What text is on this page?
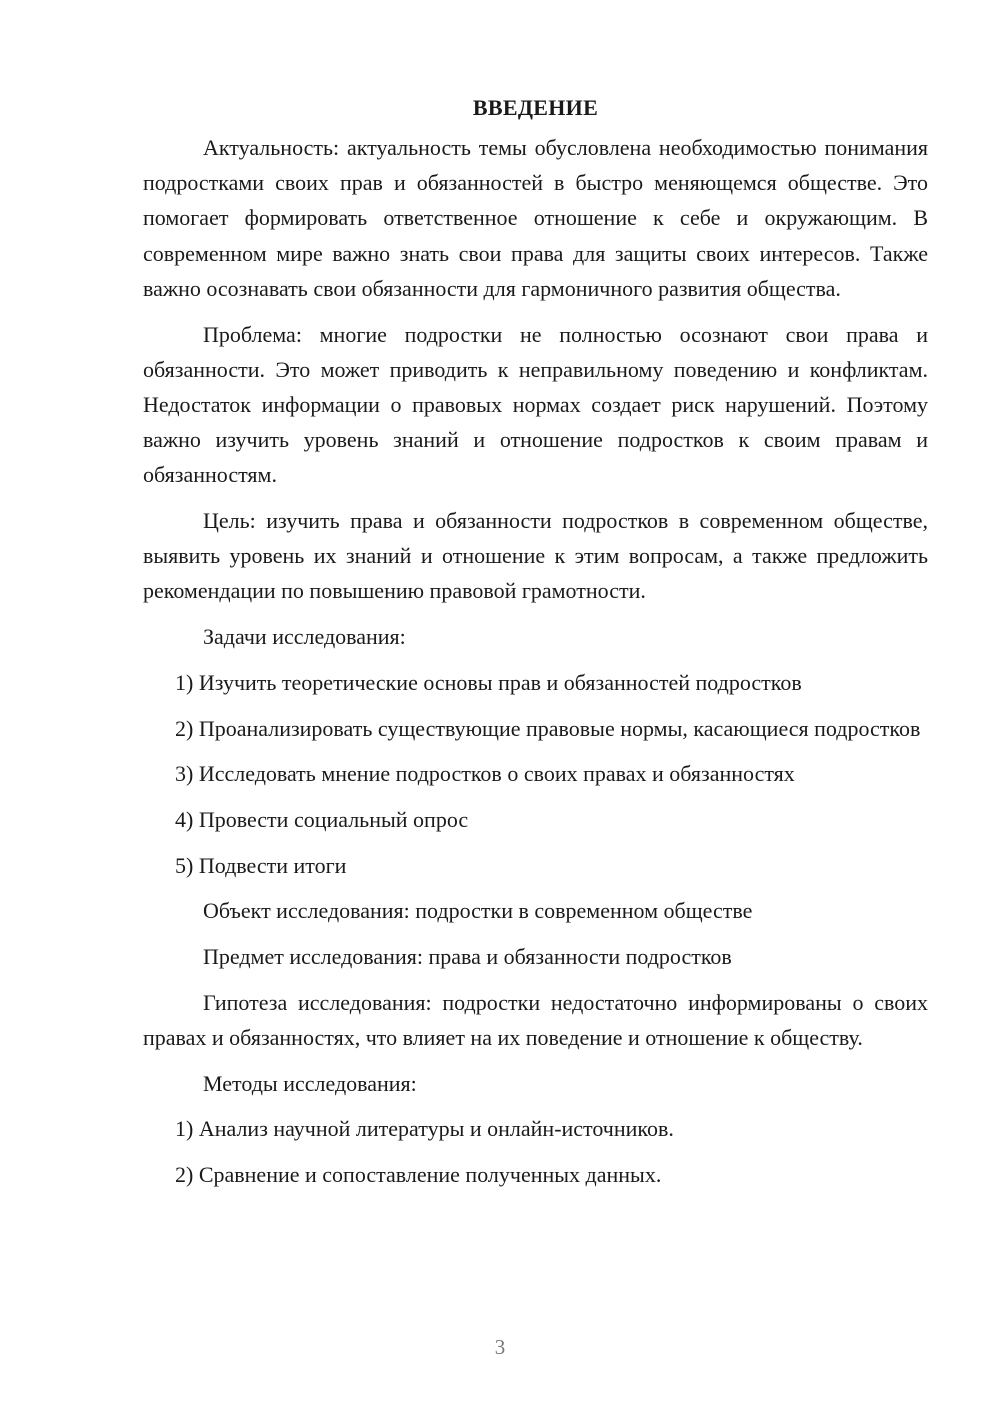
ВВЕДЕНИЕ

Актуальность: актуальность темы обусловлена необходимостью понимания подростками своих прав и обязанностей в быстро меняющемся обществе. Это помогает формировать ответственное отношение к себе и окружающим. В современном мире важно знать свои права для защиты своих интересов. Также важно осознавать свои обязанности для гармоничного развития общества.

Проблема: многие подростки не полностью осознают свои права и обязанности. Это может приводить к неправильному поведению и конфликтам. Недостаток информации о правовых нормах создает риск нарушений. Поэтому важно изучить уровень знаний и отношение подростков к своим правам и обязанностям.

Цель: изучить права и обязанности подростков в современном обществе, выявить уровень их знаний и отношение к этим вопросам, а также предложить рекомендации по повышению правовой грамотности.

Задачи исследования:

1) Изучить теоретические основы прав и обязанностей подростков

2) Проанализировать существующие правовые нормы, касающиеся подростков

3) Исследовать мнение подростков о своих правах и обязанностях

4) Провести социальный опрос

5) Подвести итоги

Объект исследования: подростки в современном обществе

Предмет исследования: права и обязанности подростков

Гипотеза исследования: подростки недостаточно информированы о своих правах и обязанностях, что влияет на их поведение и отношение к обществу.

Методы исследования:

1) Анализ научной литературы и онлайн-источников.

2) Сравнение и сопоставление полученных данных.

3
